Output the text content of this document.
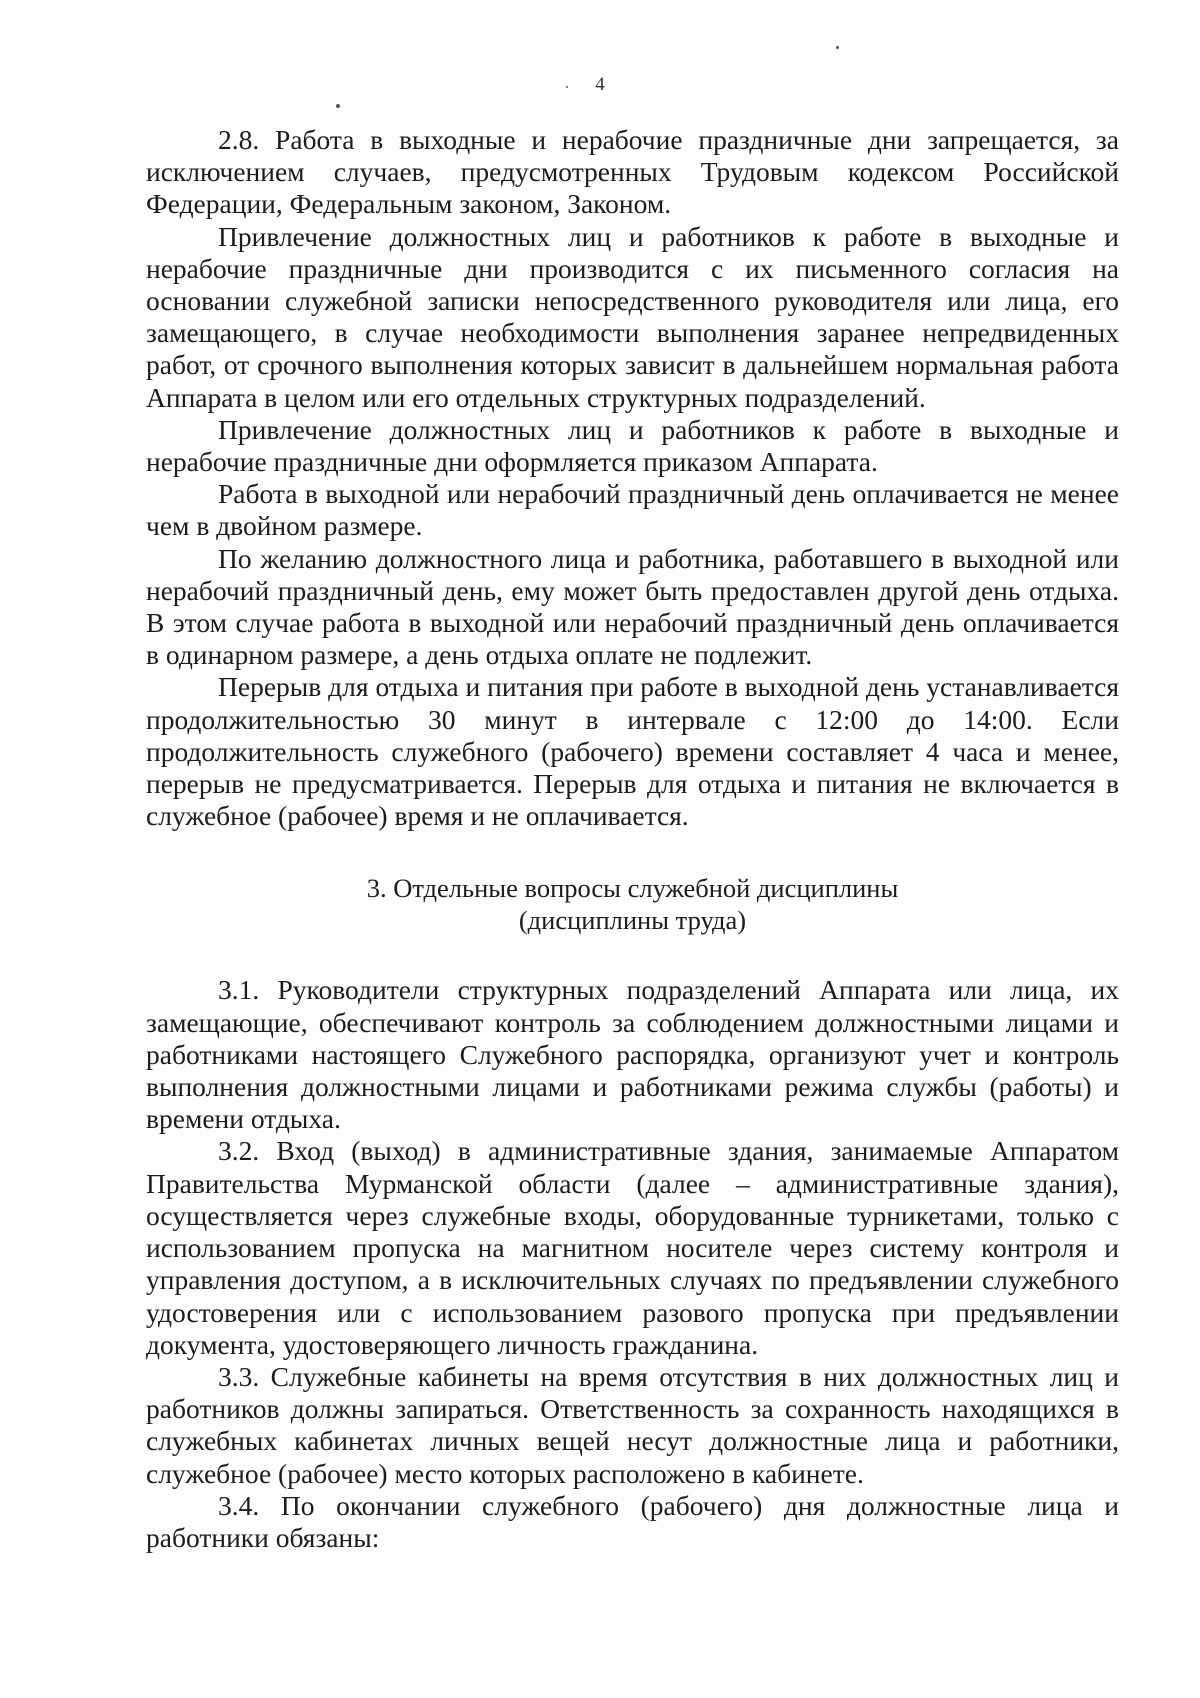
4

2.8. Работа в выходные и нерабочие праздничные дни запрещается, за исключением случаев, предусмотренных Трудовым кодексом Российской Федерации, Федеральным законом, Законом.

Привлечение должностных лиц и работников к работе в выходные и нерабочие праздничные дни производится с их письменного согласия на основании служебной записки непосредственного руководителя или лица, его замещающего, в случае необходимости выполнения заранее непредвиденных работ, от срочного выполнения которых зависит в дальнейшем нормальная работа Аппарата в целом или его отдельных структурных подразделений.

Привлечение должностных лиц и работников к работе в выходные и нерабочие праздничные дни оформляется приказом Аппарата.

Работа в выходной или нерабочий праздничный день оплачивается не менее чем в двойном размере.

По желанию должностного лица и работника, работавшего в выходной или нерабочий праздничный день, ему может быть предоставлен другой день отдыха. В этом случае работа в выходной или нерабочий праздничный день оплачивается в одинарном размере, а день отдыха оплате не подлежит.

Перерыв для отдыха и питания при работе в выходной день устанавливается продолжительностью 30 минут в интервале с 12:00 до 14:00. Если продолжительность служебного (рабочего) времени составляет 4 часа и менее, перерыв не предусматривается. Перерыв для отдыха и питания не включается в служебное (рабочее) время и не оплачивается.

3. Отдельные вопросы служебной дисциплины
(дисциплины труда)

3.1. Руководители структурных подразделений Аппарата или лица, их замещающие, обеспечивают контроль за соблюдением должностными лицами и работниками настоящего Служебного распорядка, организуют учет и контроль выполнения должностными лицами и работниками режима службы (работы) и времени отдыха.

3.2. Вход (выход) в административные здания, занимаемые Аппаратом Правительства Мурманской области (далее – административные здания), осуществляется через служебные входы, оборудованные турникетами, только с использованием пропуска на магнитном носителе через систему контроля и управления доступом, а в исключительных случаях по предъявлении служебного удостоверения или с использованием разового пропуска при предъявлении документа, удостоверяющего личность гражданина.

3.3. Служебные кабинеты на время отсутствия в них должностных лиц и работников должны запираться. Ответственность за сохранность находящихся в служебных кабинетах личных вещей несут должностные лица и работники, служебное (рабочее) место которых расположено в кабинете.

3.4. По окончании служебного (рабочего) дня должностные лица и работники обязаны:
